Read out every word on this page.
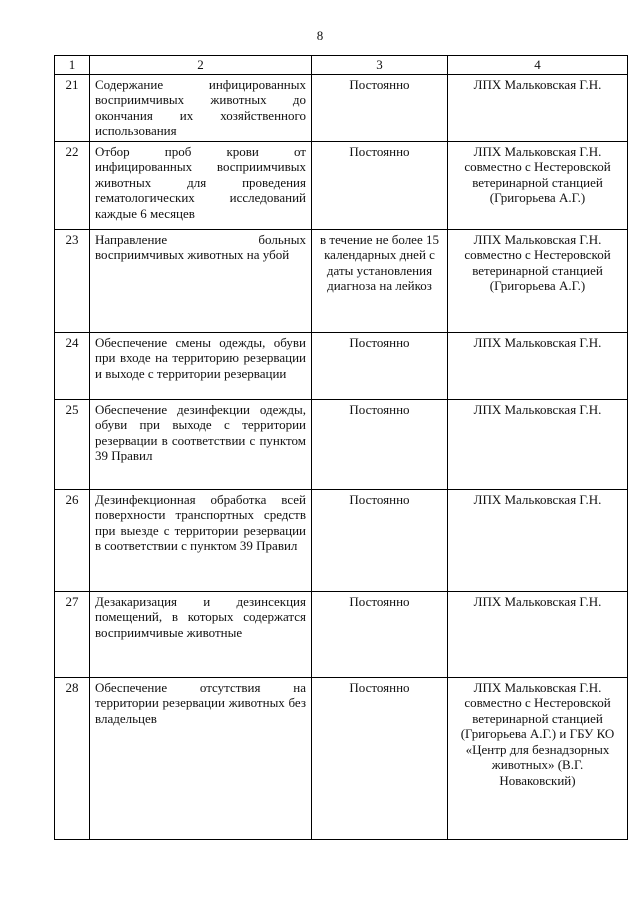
8
1	2	3	4
21	Содержание инфицированных восприимчивых животных до окончания их хозяйственного использования	Постоянно	ЛПХ Мальковская Г.Н.
22	Отбор проб крови от инфицированных восприимчивых животных для проведения гематологических исследований каждые 6 месяцев	Постоянно	ЛПХ Мальковская Г.Н. совместно с Нестеровской ветеринарной станцией (Григорьева А.Г.)
23	Направление больных восприимчивых животных на убой	в течение не более 15 календарных дней с даты установления диагноза на лейкоз	ЛПХ Мальковская Г.Н. совместно с Нестеровской ветеринарной станцией (Григорьева А.Г.)
24	Обеспечение смены одежды, обуви при входе на территорию резервации и выходе с территории резервации	Постоянно	ЛПХ Мальковская Г.Н.
25	Обеспечение дезинфекции одежды, обуви при выходе с территории резервации в соответствии с пунктом 39 Правил	Постоянно	ЛПХ Мальковская Г.Н.
26	Дезинфекционная обработка всей поверхности транспортных средств при выезде с территории резервации в соответствии с пунктом 39 Правил	Постоянно	ЛПХ Мальковская Г.Н.
27	Дезакаризация и дезинсекция помещений, в которых содержатся восприимчивые животные	Постоянно	ЛПХ Мальковская Г.Н.
28	Обеспечение отсутствия на территории резервации животных без владельцев	Постоянно	ЛПХ Мальковская Г.Н. совместно с Нестеровской ветеринарной станцией (Григорьева А.Г.) и ГБУ КО «Центр для безнадзорных животных» (В.Г. Новаковский)
